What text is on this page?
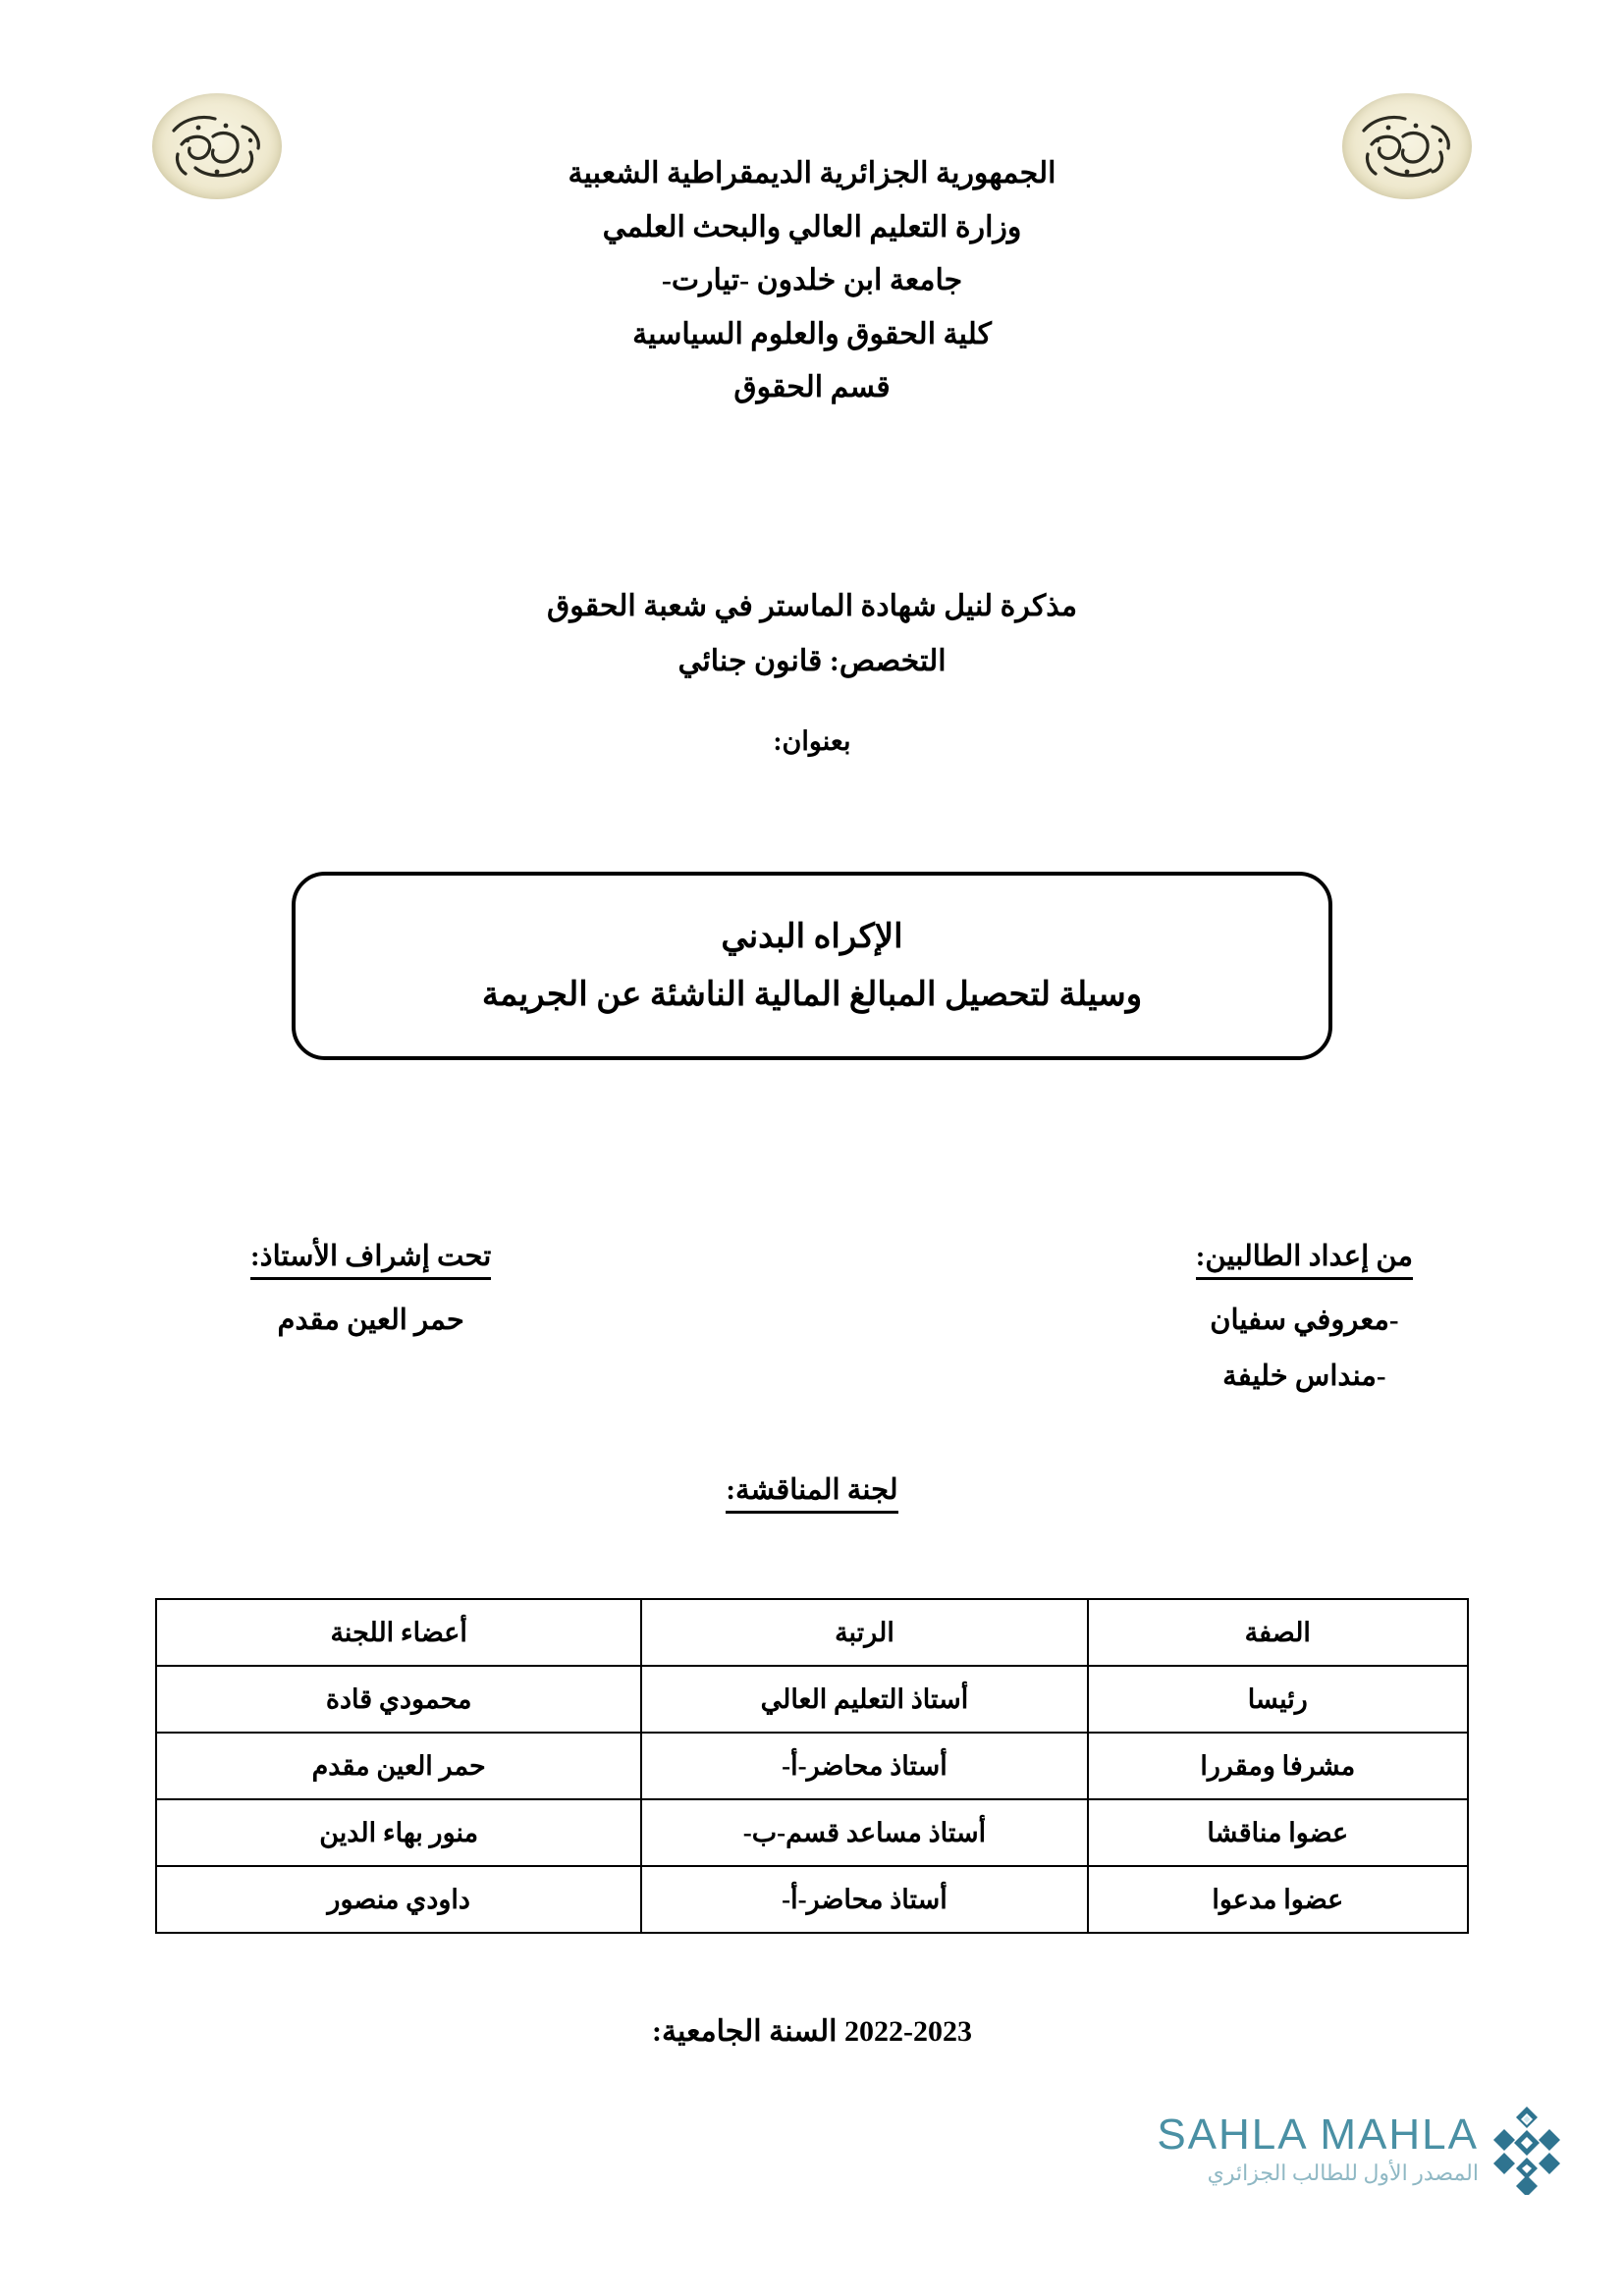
الجمهورية الجزائرية الديمقراطية الشعبية
وزارة التعليم العالي والبحث العلمي
جامعة ابن خلدون -تيارت-
كلية الحقوق والعلوم السياسية
قسم الحقوق
مذكرة لنيل شهادة الماستر في شعبة الحقوق
التخصص: قانون جنائي
بعنوان:
الإكراه البدني
وسيلة لتحصيل المبالغ المالية الناشئة عن الجريمة
من إعداد الطالبين:
-معروفي سفيان
-منداس خليفة
تحت إشراف الأستاذ:
حمر العين مقدم
لجنة المناقشة:
الصفة	الرتبة	أعضاء اللجنة
رئيسا	أستاذ التعليم العالي	محمودي قادة
مشرفا ومقررا	أستاذ محاضر-أ-	حمر العين مقدم
عضوا مناقشا	أستاذ مساعد قسم-ب-	منور بهاء الدين
عضوا مدعوا	أستاذ محاضر-أ-	داودي منصور
2022-2023 السنة الجامعية:
SAHLA MAHLA
المصدر الأول للطالب الجزائري
